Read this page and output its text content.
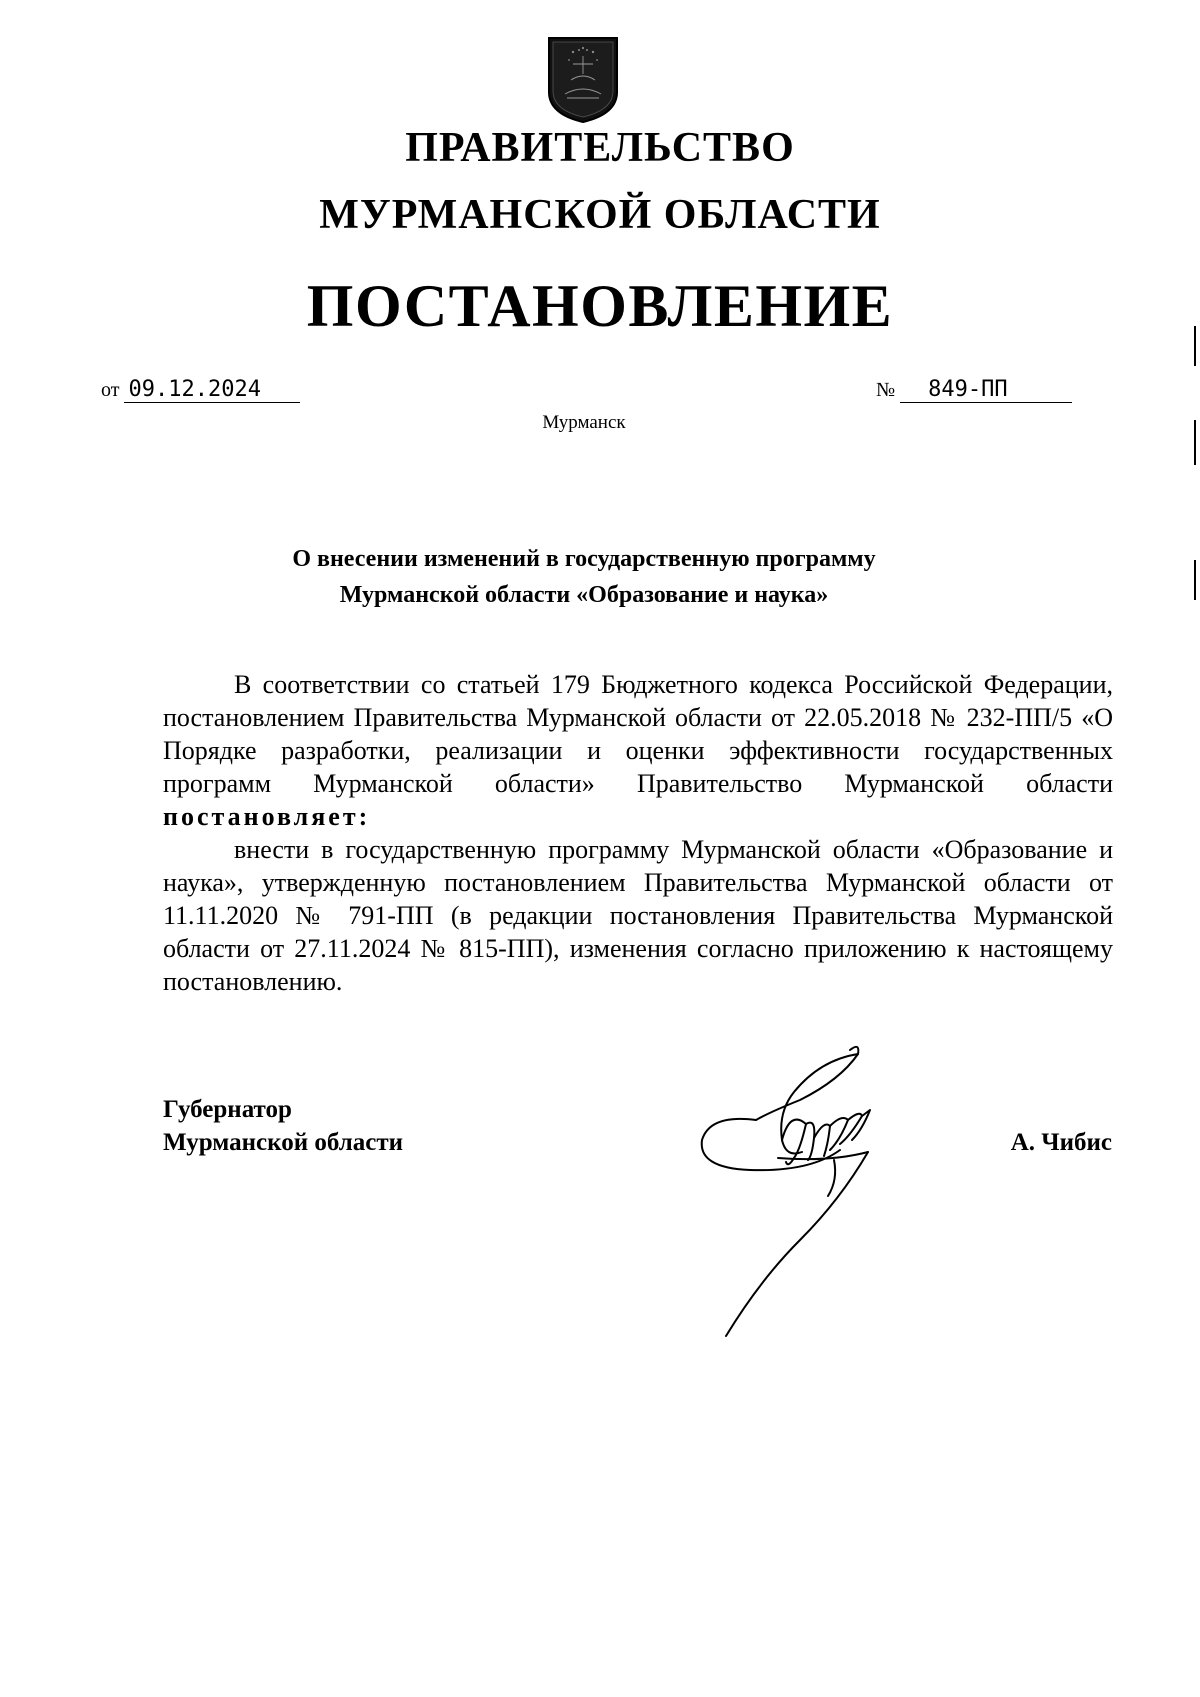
ПРАВИТЕЛЬСТВО
МУРМАНСКОЙ ОБЛАСТИ
ПОСТАНОВЛЕНИЕ
от 09.12.2024	№ 849-ПП
Мурманск
О внесении изменений в государственную программу
Мурманской области «Образование и наука»

В соответствии со статьей 179 Бюджетного кодекса Российской Федерации, постановлением Правительства Мурманской области от 22.05.2018 № 232-ПП/5 «О Порядке разработки, реализации и оценки эффективности государственных программ Мурманской области» Правительство Мурманской области постановляет:

внести в государственную программу Мурманской области «Образование и наука», утвержденную постановлением Правительства Мурманской области от 11.11.2020 № 791-ПП (в редакции постановления Правительства Мурманской области от 27.11.2024 № 815-ПП), изменения согласно приложению к настоящему постановлению.

Губернатор
Мурманской области	А. Чибис
